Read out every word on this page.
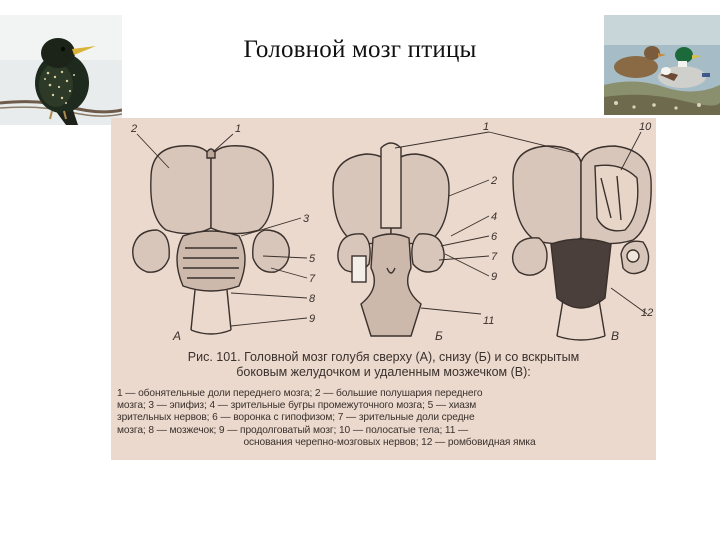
Головной мозг птицы
2	1
3
5
7
8
9
А	Б
11
1	10
2
4
6
7
9
12
В
Рис. 101. Головной мозг голубя сверху (А), снизу (Б) и со вскрытым
боковым желудочком и удаленным мозжечком (В):
1 — обонятельные доли переднего мозга; 2 — большие полушария переднего
мозга; 3 — эпифиз; 4 — зрительные бугры промежуточного мозга; 5 — хиазм
зрительных нервов; 6 — воронка с гипофизом; 7 — зрительные доли средне
мозга; 8 — мозжечок; 9 — продолговатый мозг; 10 — полосатые тела; 11 —
основания черепно-мозговых нервов; 12 — ромбовидная ямка
